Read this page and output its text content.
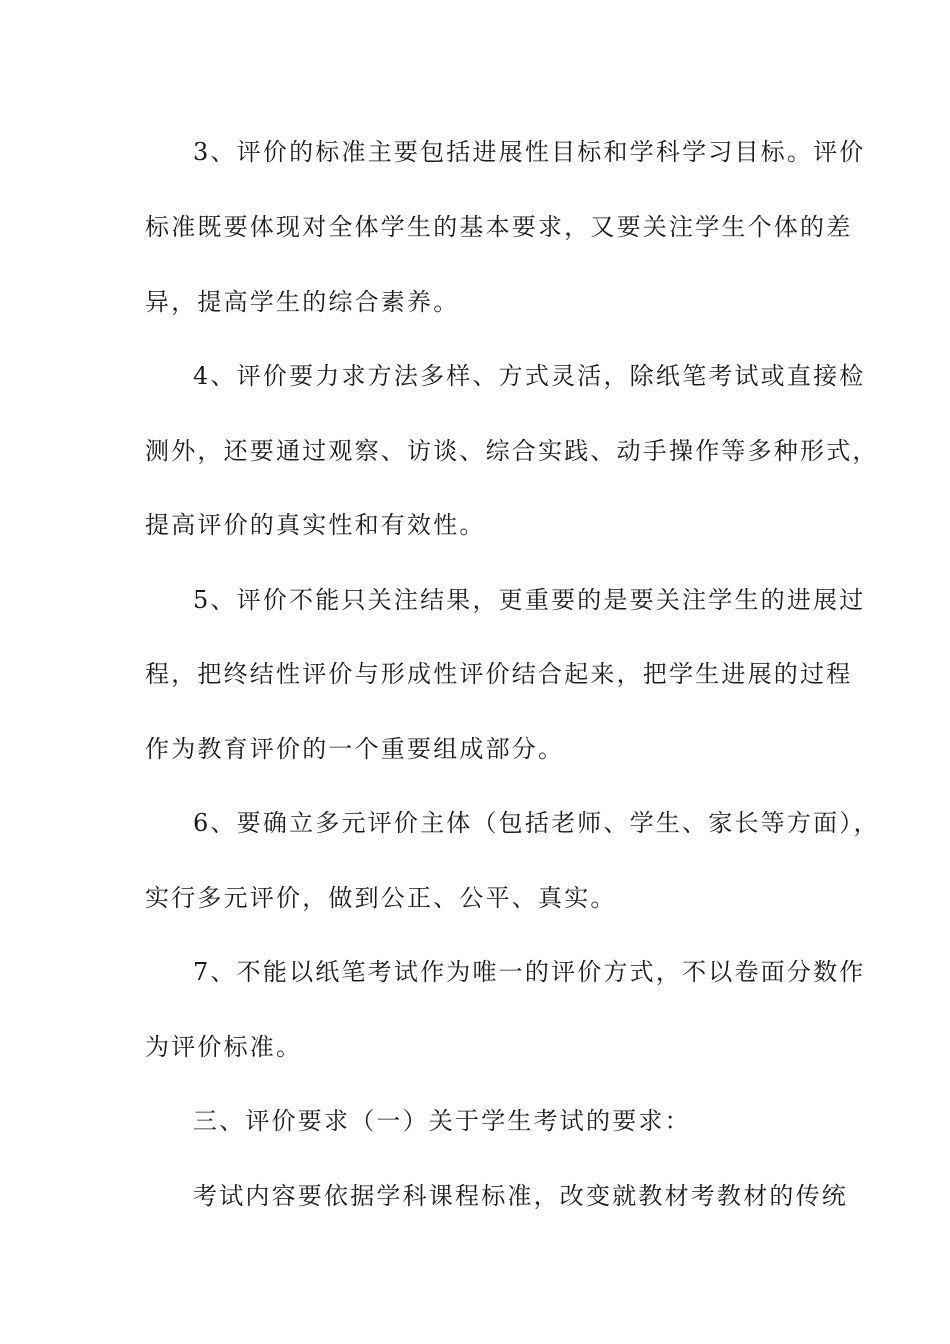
3、评价的标准主要包括进展性目标和学科学习目标。评价
标准既要体现对全体学生的基本要求，又要关注学生个体的差
异，提高学生的综合素养。
4、评价要力求方法多样、方式灵活，除纸笔考试或直接检
测外，还要通过观察、访谈、综合实践、动手操作等多种形式，
提高评价的真实性和有效性。
5、评价不能只关注结果，更重要的是要关注学生的进展过
程，把终结性评价与形成性评价结合起来，把学生进展的过程
作为教育评价的一个重要组成部分。
6、要确立多元评价主体（包括老师、学生、家长等方面），
实行多元评价，做到公正、公平、真实。
7、不能以纸笔考试作为唯一的评价方式，不以卷面分数作
为评价标准。
三、评价要求（一）关于学生考试的要求：
考试内容要依据学科课程标准，改变就教材考教材的传统
